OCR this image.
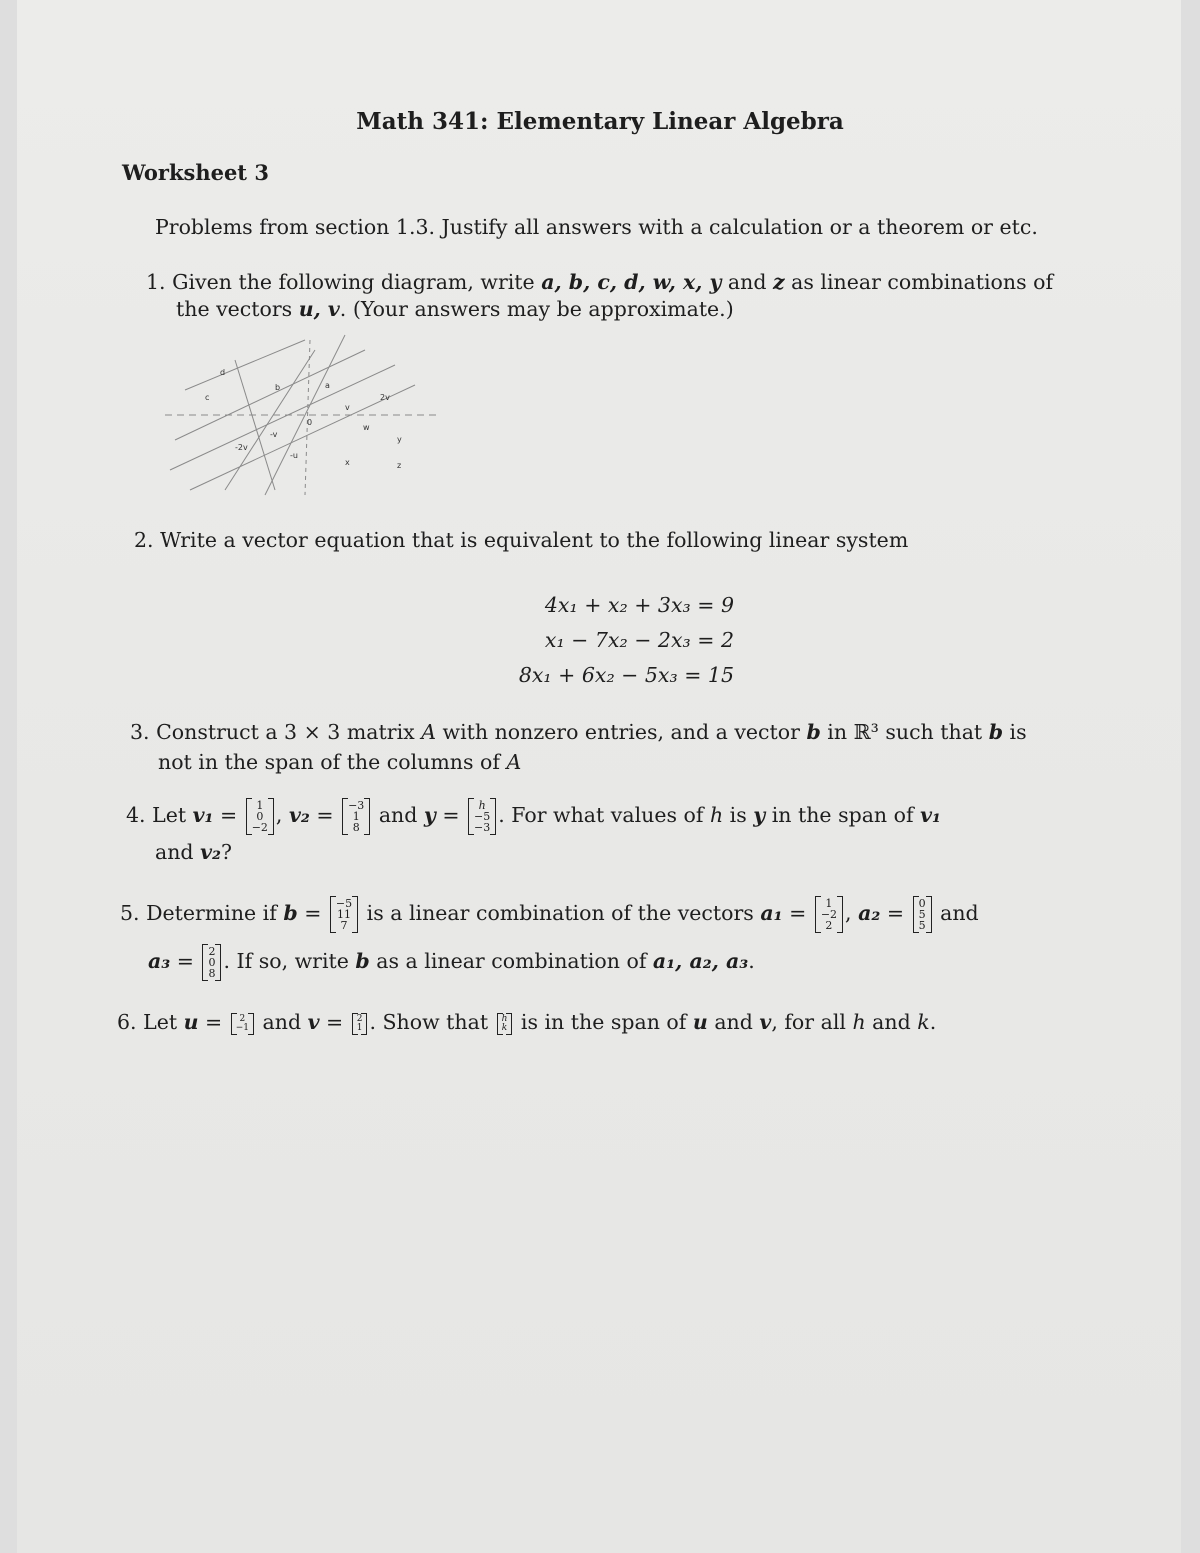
Math 341: Elementary Linear Algebra
Worksheet 3
Problems from section 1.3. Justify all answers with a calculation or a theorem or etc.
1. Given the following diagram, write a, b, c, d, w, x, y and z as linear combinations of
the vectors u, v. (Your answers may be approximate.)
d
b	a
c	2v
v
w
0
y
-v
-u
-2v
x	z
2. Write a vector equation that is equivalent to the following linear system
4x₁ + x₂ + 3x₃ = 9
x₁ − 7x₂ − 2x₃ = 2
8x₁ + 6x₂ − 5x₃ = 15
3. Construct a 3 × 3 matrix A with nonzero entries, and a vector b in ℝ³ such that b is
not in the span of the columns of A
4. Let v₁ =	1
0
−2
, v₂ = −3
1
8
and y =	h
−5
−3
. For what values of h is y in the span of v₁
and v₂?
5. Determine if b = −5
11
7
is a linear combination of the vectors a₁ =	1
−2
2
, a₂ = 0
5
5
and
a₃ = 2
0
8
. If so, write b as a linear combination of a₁, a₂, a₃.
6. Let u =	2
−1 and v = 2
1 . Show that h
k is in the span of u and v, for all h and k.
